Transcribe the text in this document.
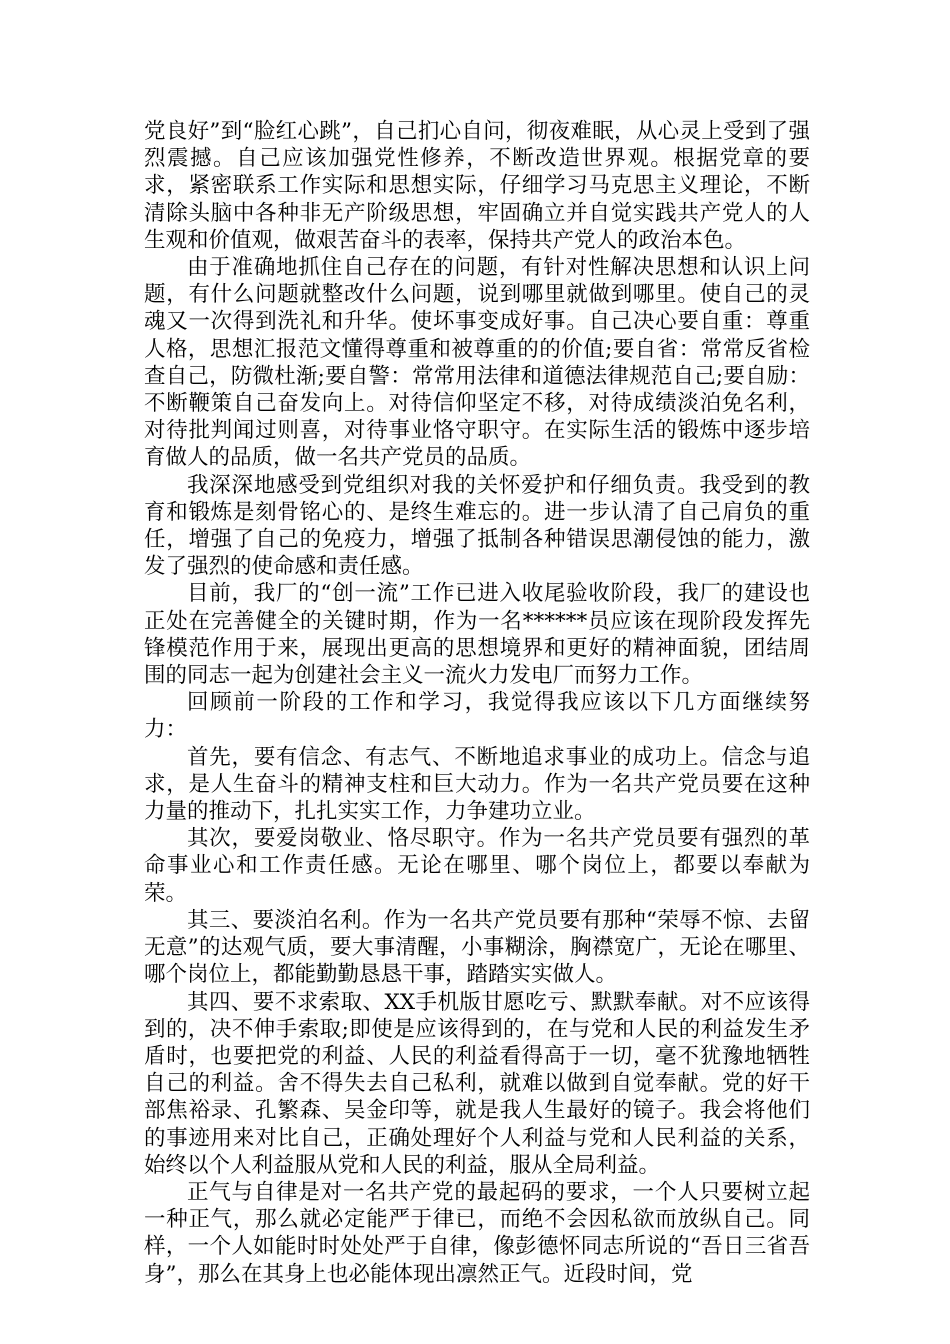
党良好”到“脸红心跳”，自己扪心自问，彻夜难眠，从心灵上受到了强烈震撼。自己应该加强党性修养，不断改造世界观。根据党章的要求，紧密联系工作实际和思想实际，仔细学习马克思主义理论，不断清除头脑中各种非无产阶级思想，牢固确立并自觉实践共产党人的人生观和价值观，做艰苦奋斗的表率，保持共产党人的政治本色。

由于准确地抓住自己存在的问题，有针对性解决思想和认识上问题，有什么问题就整改什么问题，说到哪里就做到哪里。使自己的灵魂又一次得到洗礼和升华。使坏事变成好事。自己决心要自重：尊重人格，思想汇报范文懂得尊重和被尊重的的价值;要自省：常常反省检查自己，防微杜渐;要自警：常常用法律和道德法律规范自己;要自励：不断鞭策自己奋发向上。对待信仰坚定不移，对待成绩淡泊免名利，对待批判闻过则喜，对待事业恪守职守。在实际生活的锻炼中逐步培育做人的品质，做一名共产党员的品质。

我深深地感受到党组织对我的关怀爱护和仔细负责。我受到的教育和锻炼是刻骨铭心的、是终生难忘的。进一步认清了自己肩负的重任，增强了自己的免疫力，增强了抵制各种错误思潮侵蚀的能力，激发了强烈的使命感和责任感。

目前，我厂的“创一流”工作已进入收尾验收阶段，我厂的建设也正处在完善健全的关键时期，作为一名******员应该在现阶段发挥先锋模范作用于来，展现出更高的思想境界和更好的精神面貌，团结周围的同志一起为创建社会主义一流火力发电厂而努力工作。

回顾前一阶段的工作和学习，我觉得我应该以下几方面继续努力：

首先，要有信念、有志气、不断地追求事业的成功上。信念与追求，是人生奋斗的精神支柱和巨大动力。作为一名共产党员要在这种力量的推动下，扎扎实实工作，力争建功立业。

其次，要爱岗敬业、恪尽职守。作为一名共产党员要有强烈的革命事业心和工作责任感。无论在哪里、哪个岗位上，都要以奉献为荣。

其三、要淡泊名利。作为一名共产党员要有那种“荣辱不惊、去留无意”的达观气质，要大事清醒，小事糊涂，胸襟宽广，无论在哪里、哪个岗位上，都能勤勤恳恳干事，踏踏实实做人。

其四、要不求索取、XX手机版甘愿吃亏、默默奉献。对不应该得到的，决不伸手索取;即使是应该得到的，在与党和人民的利益发生矛盾时，也要把党的利益、人民的利益看得高于一切，毫不犹豫地牺牲自己的利益。舍不得失去自己私利，就难以做到自觉奉献。党的好干部焦裕录、孔繁森、吴金印等，就是我人生最好的镜子。我会将他们的事迹用来对比自己，正确处理好个人利益与党和人民利益的关系，始终以个人利益服从党和人民的利益，服从全局利益。

正气与自律是对一名共产党的最起码的要求，一个人只要树立起一种正气，那么就必定能严于律已，而绝不会因私欲而放纵自己。同样，一个人如能时时处处严于自律，像彭德怀同志所说的“吾日三省吾身”，那么在其身上也必能体现出凛然正气。近段时间，党
